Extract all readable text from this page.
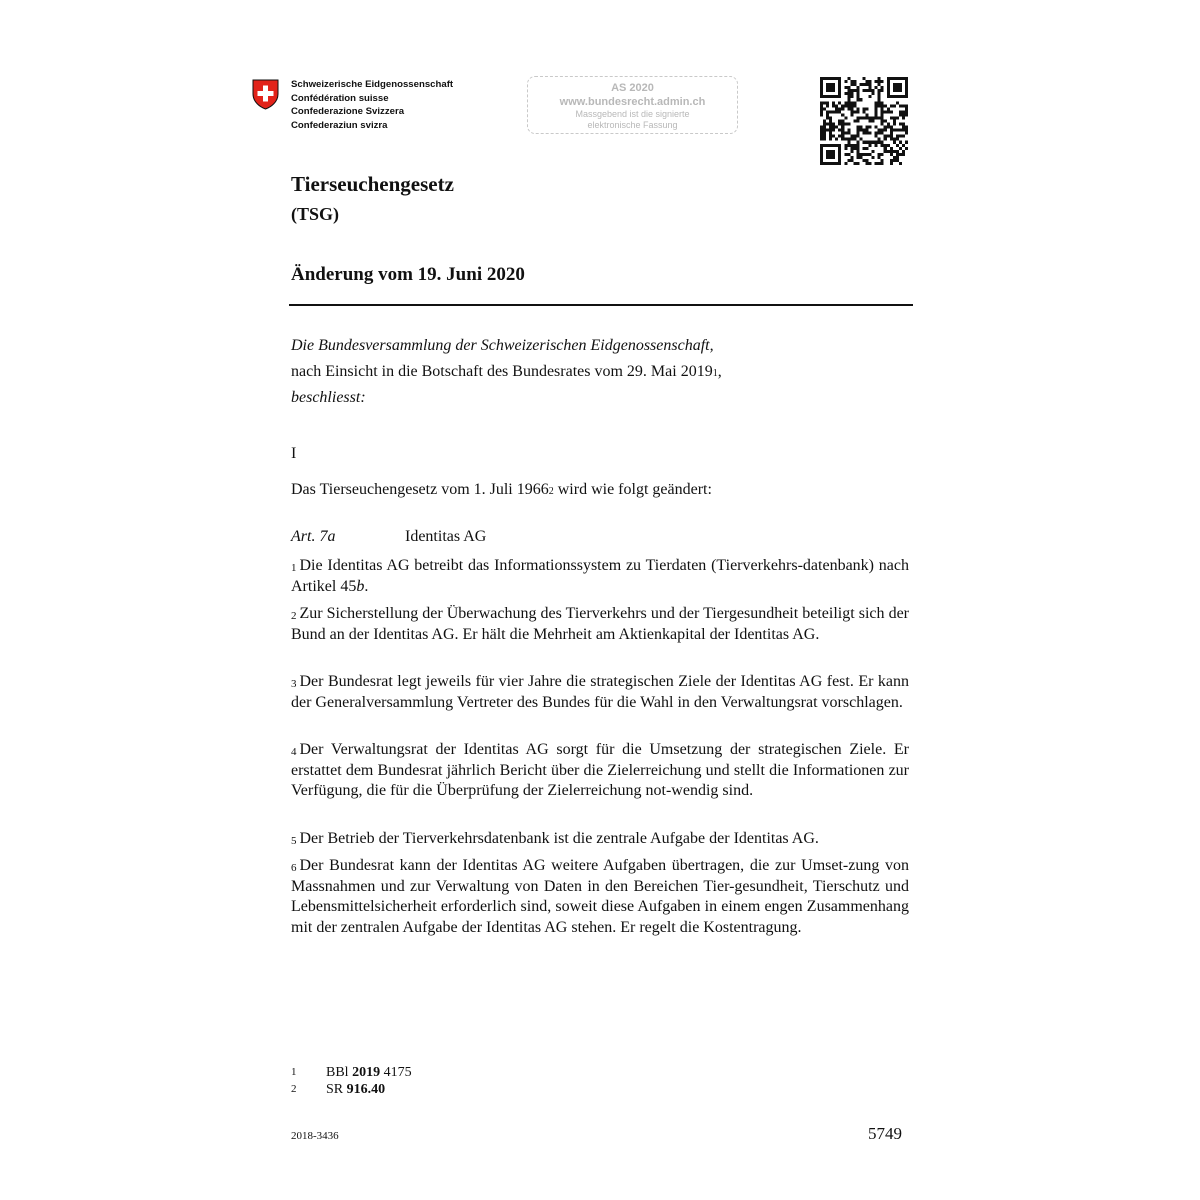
Schweizerische Eidgenossenschaft
Confédération suisse
Confederazione Svizzera
Confederaziun svizra
AS 2020
www.bundesrecht.admin.ch
Massgebend ist die signierte
elektronische Fassung
Tierseuchengesetz
(TSG)
Änderung vom 19. Juni 2020
Die Bundesversammlung der Schweizerischen Eidgenossenschaft,
nach Einsicht in die Botschaft des Bundesrates vom 29. Mai 2019$^1$,
beschliesst:
I
Das Tierseuchengesetz vom 1. Juli 1966$^2$ wird wie folgt geändert:
Art. 7a	Identitas AG
$^1$ Die Identitas AG betreibt das Informationssystem zu Tierdaten (Tierverkehrs-datenbank) nach Artikel 45b.
$^2$ Zur Sicherstellung der Überwachung des Tierverkehrs und der Tiergesundheit beteiligt sich der Bund an der Identitas AG. Er hält die Mehrheit am Aktienkapital der Identitas AG.
$^3$ Der Bundesrat legt jeweils für vier Jahre die strategischen Ziele der Identitas AG fest. Er kann der Generalversammlung Vertreter des Bundes für die Wahl in den Verwaltungsrat vorschlagen.
$^4$ Der Verwaltungsrat der Identitas AG sorgt für die Umsetzung der strategischen Ziele. Er erstattet dem Bundesrat jährlich Bericht über die Zielerreichung und stellt die Informationen zur Verfügung, die für die Überprüfung der Zielerreichung not-wendig sind.
$^5$ Der Betrieb der Tierverkehrsdatenbank ist die zentrale Aufgabe der Identitas AG.
$^6$ Der Bundesrat kann der Identitas AG weitere Aufgaben übertragen, die zur Umset-zung von Massnahmen und zur Verwaltung von Daten in den Bereichen Tier-gesundheit, Tierschutz und Lebensmittelsicherheit erforderlich sind, soweit diese Aufgaben in einem engen Zusammenhang mit der zentralen Aufgabe der Identitas AG stehen. Er regelt die Kostentragung.
1 BBl 2019 4175
2 SR 916.40
2018-3436	5749
